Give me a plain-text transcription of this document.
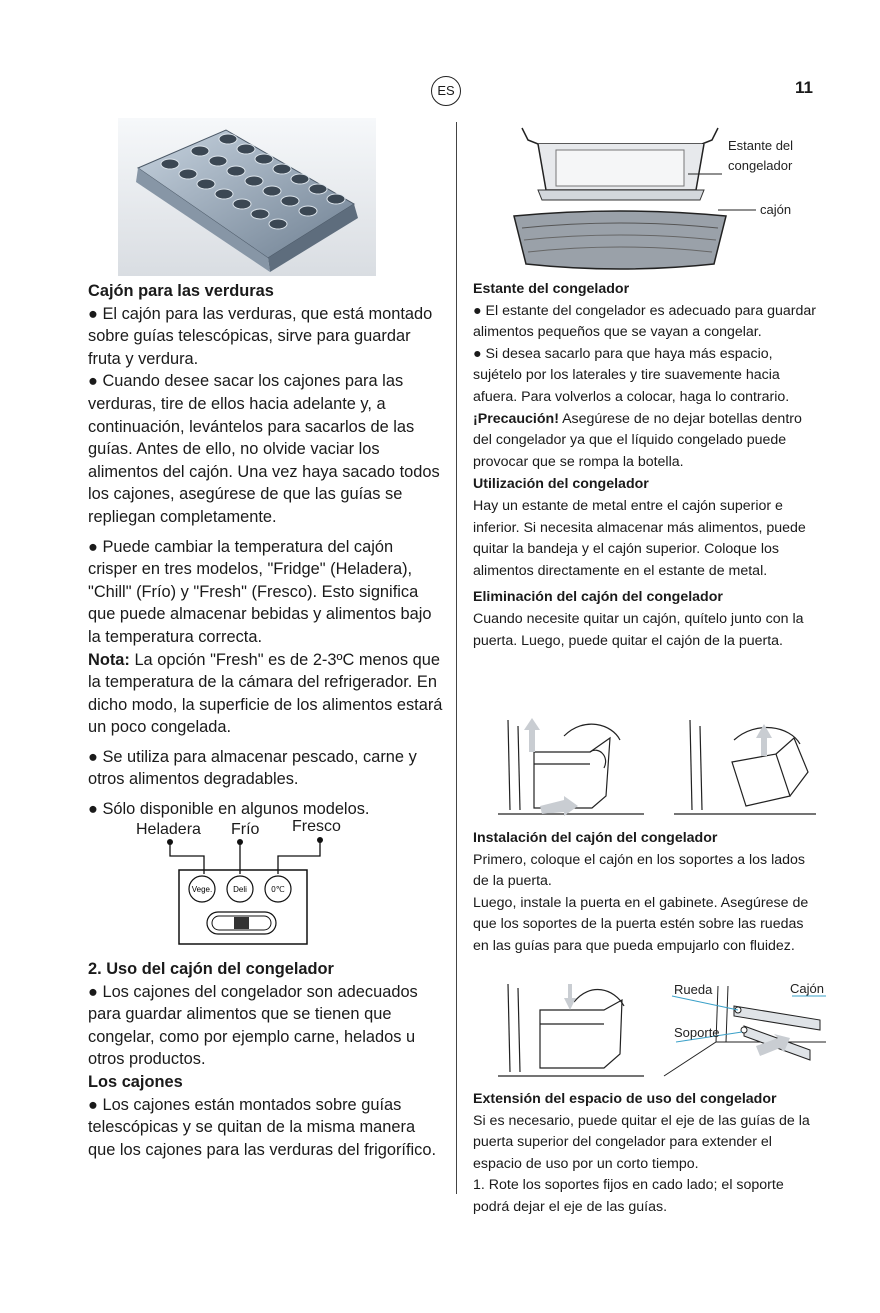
ES	11
Cajón para las verduras
● El cajón para las verduras, que está montado sobre guías telescópicas, sirve para guardar fruta y verdura.
● Cuando desee sacar los cajones para las verduras, tire de ellos hacia adelante y, a continuación, levántelos para sacarlos de las guías. Antes de ello, no olvide vaciar los alimentos del cajón. Una vez haya sacado todos los cajones, asegúrese de que las guías se repliegan completamente.
● Puede cambiar la temperatura del cajón crisper en tres modelos, "Fridge" (Heladera), "Chill" (Frío) y "Fresh" (Fresco). Esto significa que puede almacenar bebidas y alimentos bajo la temperatura correcta.
Nota: La opción "Fresh" es de 2-3ºC menos que la temperatura de la cámara del refrigerador. En dicho modo, la superficie de los alimentos estará un poco congelada.
● Se utiliza para almacenar pescado, carne y otros alimentos degradables.
● Sólo disponible en algunos modelos.
Heladera Frío Fresco
Vege.	Deli	0℃
2. Uso del cajón del congelador
● Los cajones del congelador son adecuados para guardar alimentos que se tienen que congelar, como por ejemplo carne, helados u otros productos.
Los cajones
● Los cajones están montados sobre guías telescópicas y se quitan de la misma manera que los cajones para las verduras del frigorífico.
Estante del
congelador
cajón
Estante del congelador
● El estante del congelador es adecuado para guardar alimentos pequeños que se vayan a congelar.
● Si desea sacarlo para que haya más espacio, sujételo por los laterales y tire suavemente hacia afuera. Para volverlos a colocar, haga lo contrario.
¡Precaución! Asegúrese de no dejar botellas dentro del congelador ya que el líquido congelado puede provocar que se rompa la botella.
Utilización del congelador
Hay un estante de metal entre el cajón superior e inferior. Si necesita almacenar más alimentos, puede quitar la bandeja y el cajón superior. Coloque los alimentos directamente en el estante de metal.
Eliminación del cajón del congelador
Cuando necesite quitar un cajón, quítelo junto con la puerta. Luego, puede quitar el cajón de la puerta.
Instalación del cajón del congelador
Primero, coloque el cajón en los soportes a los lados de la puerta.
Luego, instale la puerta en el gabinete. Asegúrese de que los soportes de la puerta estén sobre las ruedas en las guías para que pueda empujarlo con fluidez.
Rueda
Soporte
Cajón
Extensión del espacio de uso del congelador
Si es necesario, puede quitar el eje de las guías de la puerta superior del congelador para extender el espacio de uso por un corto tiempo.
1. Rote los soportes fijos en cado lado; el soporte podrá dejar el eje de las guías.
